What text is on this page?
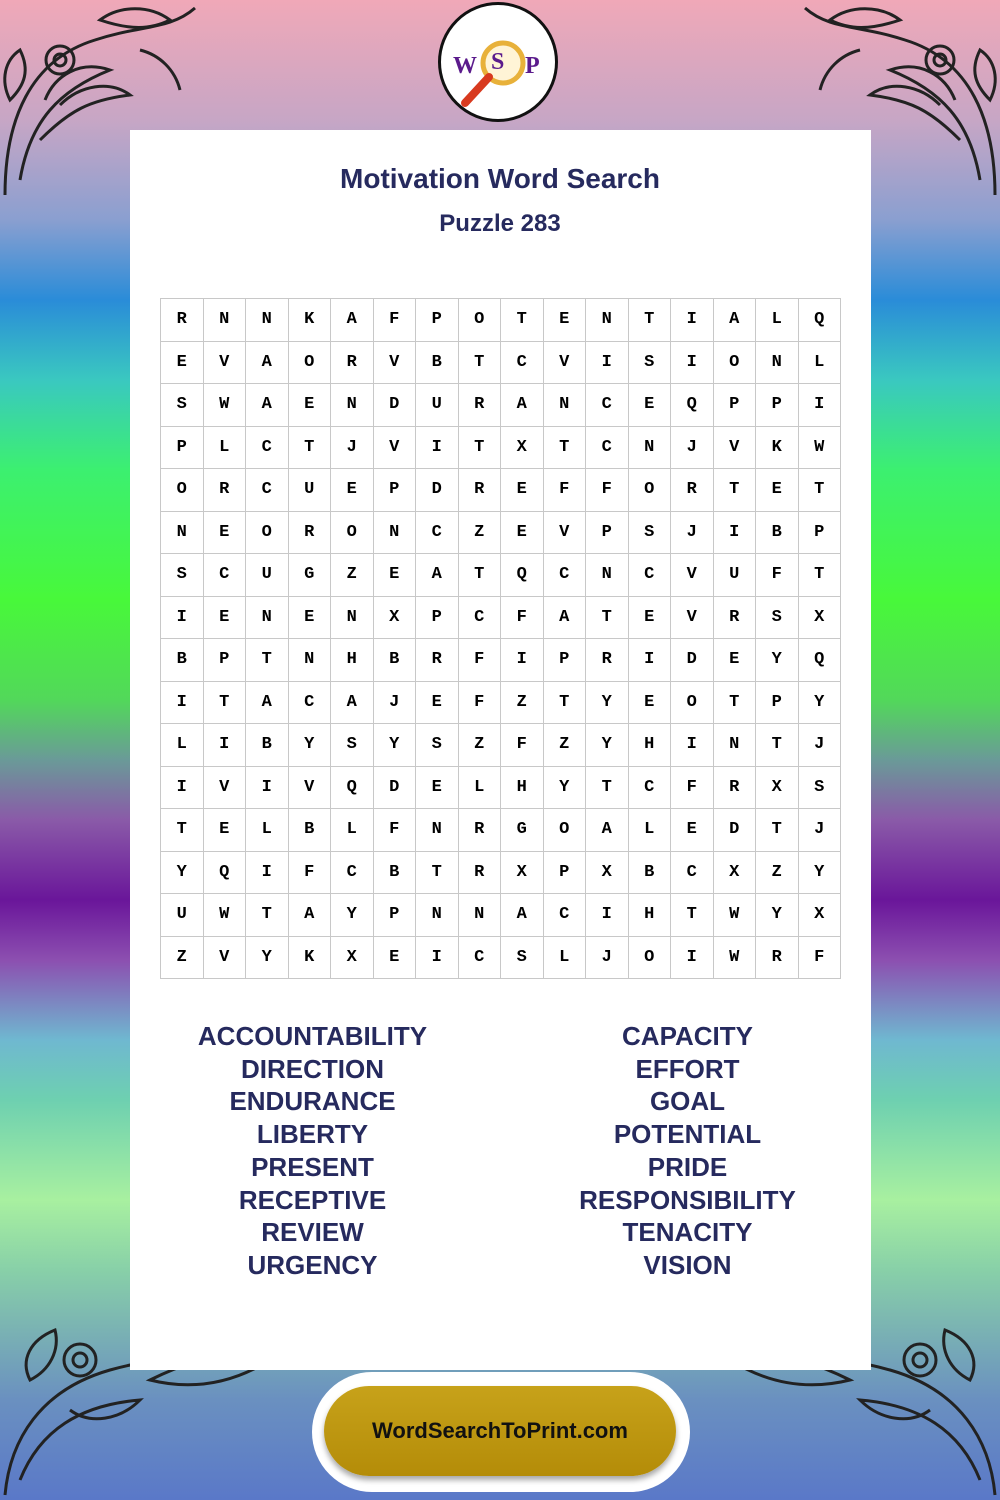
W S P
Motivation Word Search
Puzzle 283
R	N	N	K	A	F	P	O	T	E	N	T	I	A	L	Q
E	V	A	O	R	V	B	T	C	V	I	S	I	O	N	L
S	W	A	E	N	D	U	R	A	N	C	E	Q	P	P	I
P	L	C	T	J	V	I	T	X	T	C	N	J	V	K	W
O	R	C	U	E	P	D	R	E	F	F	O	R	T	E	T
N	E	O	R	O	N	C	Z	E	V	P	S	J	I	B	P
S	C	U	G	Z	E	A	T	Q	C	N	C	V	U	F	T
I	E	N	E	N	X	P	C	F	A	T	E	V	R	S	X
B	P	T	N	H	B	R	F	I	P	R	I	D	E	Y	Q
I	T	A	C	A	J	E	F	Z	T	Y	E	O	T	P	Y
L	I	B	Y	S	Y	S	Z	F	Z	Y	H	I	N	T	J
I	V	I	V	Q	D	E	L	H	Y	T	C	F	R	X	S
T	E	L	B	L	F	N	R	G	O	A	L	E	D	T	J
Y	Q	I	F	C	B	T	R	X	P	X	B	C	X	Z	Y
U	W	T	A	Y	P	N	N	A	C	I	H	T	W	Y	X
Z	V	Y	K	X	E	I	C	S	L	J	O	I	W	R	F
ACCOUNTABILITY
DIRECTION
ENDURANCE
LIBERTY
PRESENT
RECEPTIVE
REVIEW
URGENCY
CAPACITY
EFFORT
GOAL
POTENTIAL
PRIDE
RESPONSIBILITY
TENACITY
VISION
WordSearchToPrint.com
